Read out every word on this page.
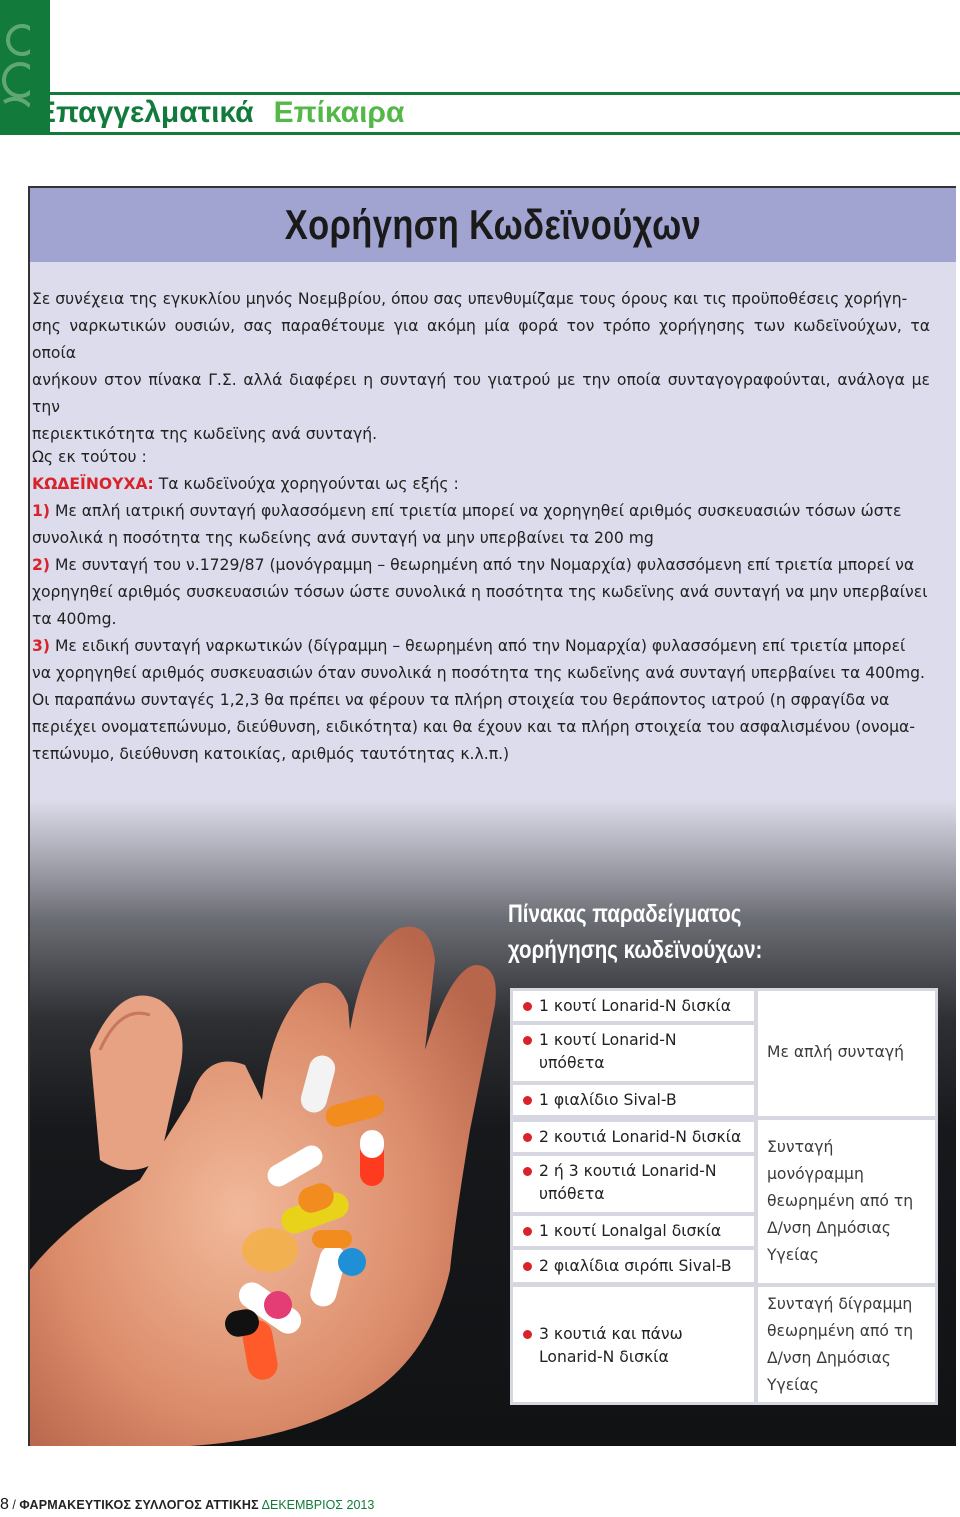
Επαγγελματικά Επίκαιρα
Χορήγηση Κωδεϊνούχων

Σε συνέχεια της εγκυκλίου μηνός Νοεμβρίου, όπου σας υπενθυμίζαμε τους όρους και τις προϋποθέσεις χορήγη-

σης ναρκωτικών ουσιών, σας παραθέτουμε για ακόμη μία φορά τον τρόπο χορήγησης των κωδεϊνούχων, τα οποία

ανήκουν στον πίνακα Γ.Σ. αλλά διαφέρει η συνταγή του γιατρού με την οποία συνταγογραφούνται, ανάλογα με την

περιεκτικότητα της κωδεϊνης ανά συνταγή.

Ως εκ τούτου :

ΚΩΔΕΪΝΟΥΧΑ: Τα κωδεϊνούχα χορηγούνται ως εξής :

1) Με απλή ιατρική συνταγή φυλασσόμενη επί τριετία μπορεί να χορηγηθεί αριθμός συσκευασιών τόσων ώστε

συνολικά η ποσότητα της κωδείνης ανά συνταγή να μην υπερβαίνει τα 200 mg

2) Με συνταγή του ν.1729/87 (μονόγραμμη – θεωρημένη από την Νομαρχία) φυλασσόμενη επί τριετία μπορεί να

χορηγηθεί αριθμός συσκευασιών τόσων ώστε συνολικά η ποσότητα της κωδεϊνης ανά συνταγή να μην υπερβαίνει

τα 400mg.

3) Με ειδική συνταγή ναρκωτικών (δίγραμμη – θεωρημένη από την Νομαρχία) φυλασσόμενη επί τριετία μπορεί

να χορηγηθεί αριθμός συσκευασιών όταν συνολικά η ποσότητα της κωδεϊνης ανά συνταγή υπερβαίνει τα 400mg.

Οι παραπάνω συνταγές 1,2,3 θα πρέπει να φέρουν τα πλήρη στοιχεία του θεράποντος ιατρού (η σφραγίδα να

περιέχει ονοματεπώνυμο, διεύθυνση, ειδικότητα) και θα έχουν και τα πλήρη στοιχεία του ασφαλισμένου (ονομα-

τεπώνυμο, διεύθυνση κατοικίας, αριθμός ταυτότητας κ.λ.π.)

Πίνακας παραδείγματος
χορήγησης κωδεϊνούχων:
1 κουτί Lonarid-N δισκία
1 κουτί Lonarid-N
υπόθετα
1 φιαλίδιο Sival-B
2 κουτιά Lonarid-N δισκία
2 ή 3 κουτιά Lonarid-N
υπόθετα
1 κουτί Lonalgal δισκία
2 φιαλίδια σιρόπι Sival-B
3 κουτιά και πάνω
Lonarid-N δισκία
Με απλή συνταγή
Συνταγή
μονόγραμμη
θεωρημένη από τη
Δ/νση Δημόσιας
Υγείας
Συνταγή δίγραμμη
θεωρημένη από τη
Δ/νση Δημόσιας
Υγείας
8 / ΦΑΡΜΑΚΕΥΤΙΚΟΣ ΣΥΛΛΟΓΟΣ ΑΤΤΙΚΗΣ ΔΕΚΕΜΒΡΙΟΣ 2013
